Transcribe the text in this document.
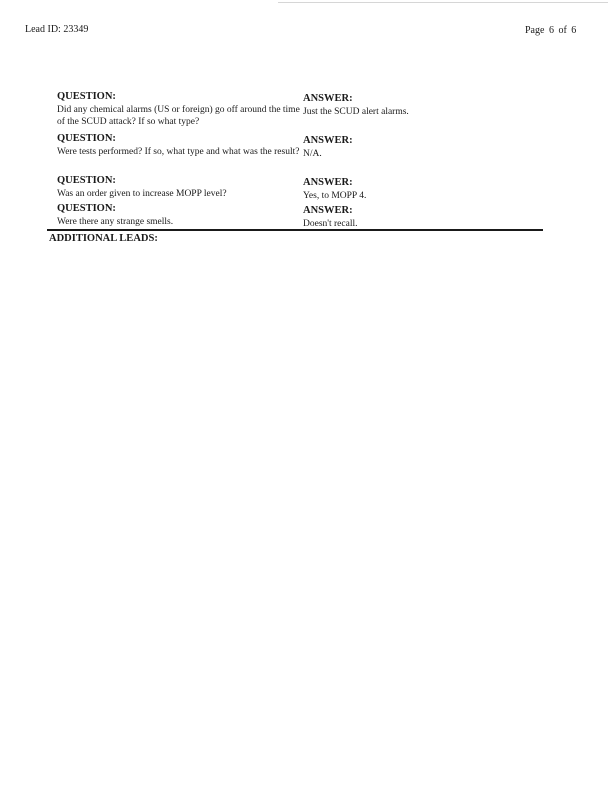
Lead ID: 23349	Page 6 of 6
QUESTION:
Did any chemical alarms (US or foreign) go off around the time of the SCUD attack? If so what type?
ANSWER:
Just the SCUD alert alarms.
QUESTION:
Were tests performed? If so, what type and what was the result?
ANSWER:
N/A.
QUESTION:
Was an order given to increase MOPP level?
ANSWER:
Yes, to MOPP 4.
QUESTION:
Were there any strange smells.
ANSWER:
Doesn't recall.
ADDITIONAL LEADS:
